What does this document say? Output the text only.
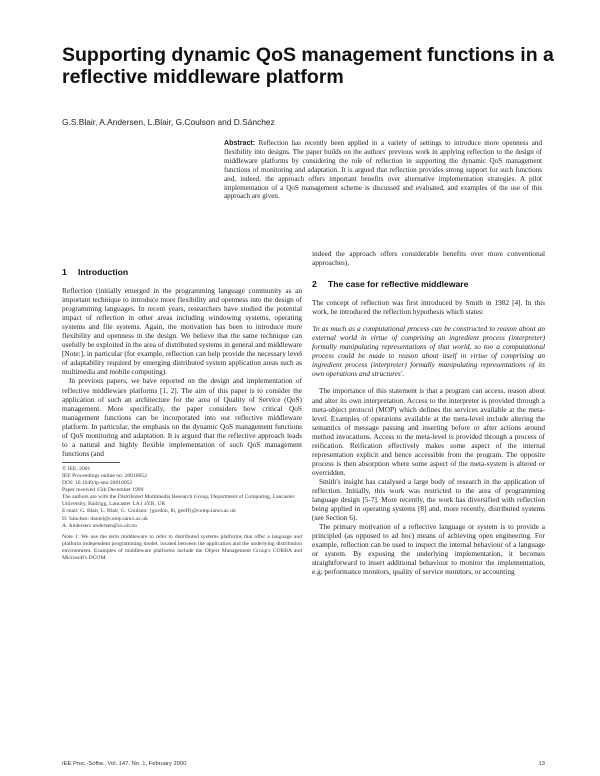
Supporting dynamic QoS management functions in a reflective middleware platform
G.S.Blair, A.Andersen, L.Blair, G.Coulson and D.Sánchez
Abstract: Reflection has recently been applied in a variety of settings to introduce more openness and flexibility into designs. The paper builds on the authors' previous work in applying reflection to the design of middleware platforms by considering the role of reflection in supporting the dynamic QoS management functions of monitoring and adaptation. It is argued that reflection provides strong support for such functions and, indeed, the approach offers important benefits over alternative implementation strategies. A pilot implementation of a QoS management scheme is discussed and evaluated, and examples of the use of this approach are given.
1 Introduction

Reflection (initially emerged in the programming language community as an important technique to introduce more flexibility and openness into the design of programming languages. In recent years, researchers have studied the potential impact of reflection in other areas including windowing systems, operating systems and file systems. Again, the motivation has been to introduce more flexibility and openness in the design. We believe that the same technique can usefully be exploited in the area of distributed systems in general and middleware [Note:], in particular (for example, reflection can help provide the necessary level of adaptability required by emerging distributed system application areas such as multimedia and mobile computing).

In previous papers, we have reported on the design and implementation of reflective middleware platforms [1, 2]. The aim of this paper is to consider the application of such an architecture for the area of Quality of Service (QoS) management. More specifically, the paper considers how critical QoS management functions can be incorporated into our reflective middleware platform. In particular, the emphasis on the dynamic QoS management functions of QoS monitoring and adaptation. It is argued that the reflective approach leads to a natural and highly flexible implementation of such QoS management functions (and

© IEE, 2001

IEE Proceedings online no. 20010052

DOI: 10.1049/ip-sen:20010052

Paper received 15th December 1999

The authors are with the Distributed Multimedia Research Group, Department of Computing, Lancaster University, Bailrigg, Lancaster LA1 4YR, UK

E-mail: G. Blair, L. Blair, G. Coulson: {gordon, lb, geoff}@comp.lancs.ac.uk

D. Sánchez: daniel@comp.lancs.ac.uk

A. Andersen: andersen@cs.uit.no

Note 1: We use the term middleware to refer to distributed systems platforms that offer a language and platform independent programming model, located between the application and the underlying distribution environment. Examples of middleware platforms include the Object Management Group's CORBA and Microsoft's DCOM.

indeed the approach offers considerable benefits over more conventional approaches).

2 The case for reflective middleware

The concept of reflection was first introduced by Smith in 1982 [4]. In this work, he introduced the reflection hypothesis which states:

'In as much as a computational process can be constructed to reason about an external world in virtue of comprising an ingredient process (interpreter) formally manipulating representations of that world, so too a computational process could be made to reason about itself in virtue of comprising an ingredient process (interpreter) formally manipulating representations of its own operations and structures'.

The importance of this statement is that a program can access, reason about and alter its own interpretation. Access to the interpreter is provided through a meta-object protocol (MOP) which defines the services available at the meta-level. Examples of operations available at the meta-level include altering the semantics of message passing and inserting before or after actions around method invocations. Access to the meta-level is provided through a process of reification. Reification effectively makes some aspect of the internal representation explicit and hence accessible from the program. The opposite process is then absorption where some aspect of the meta-system is altered or overridden.

Smith's insight has catalysed a large body of research in the application of reflection. Initially, this work was restricted to the area of programming language design [5-7]. More recently, the work has diversified with reflection being applied in operating systems [8] and, more recently, distributed systems (see Section 6).

The primary motivation of a reflective language or system is to provide a principled (as opposed to ad hoc) means of achieving open engineering. For example, reflection can be used to inspect the internal behaviour of a language or system. By exposing the underlying implementation, it becomes straightforward to insert additional behaviour to monitor the implementation, e.g. performance monitors, quality of service monitors, or accounting

IEE Proc.-Softw., Vol. 147, No. 1, February 2000	13
